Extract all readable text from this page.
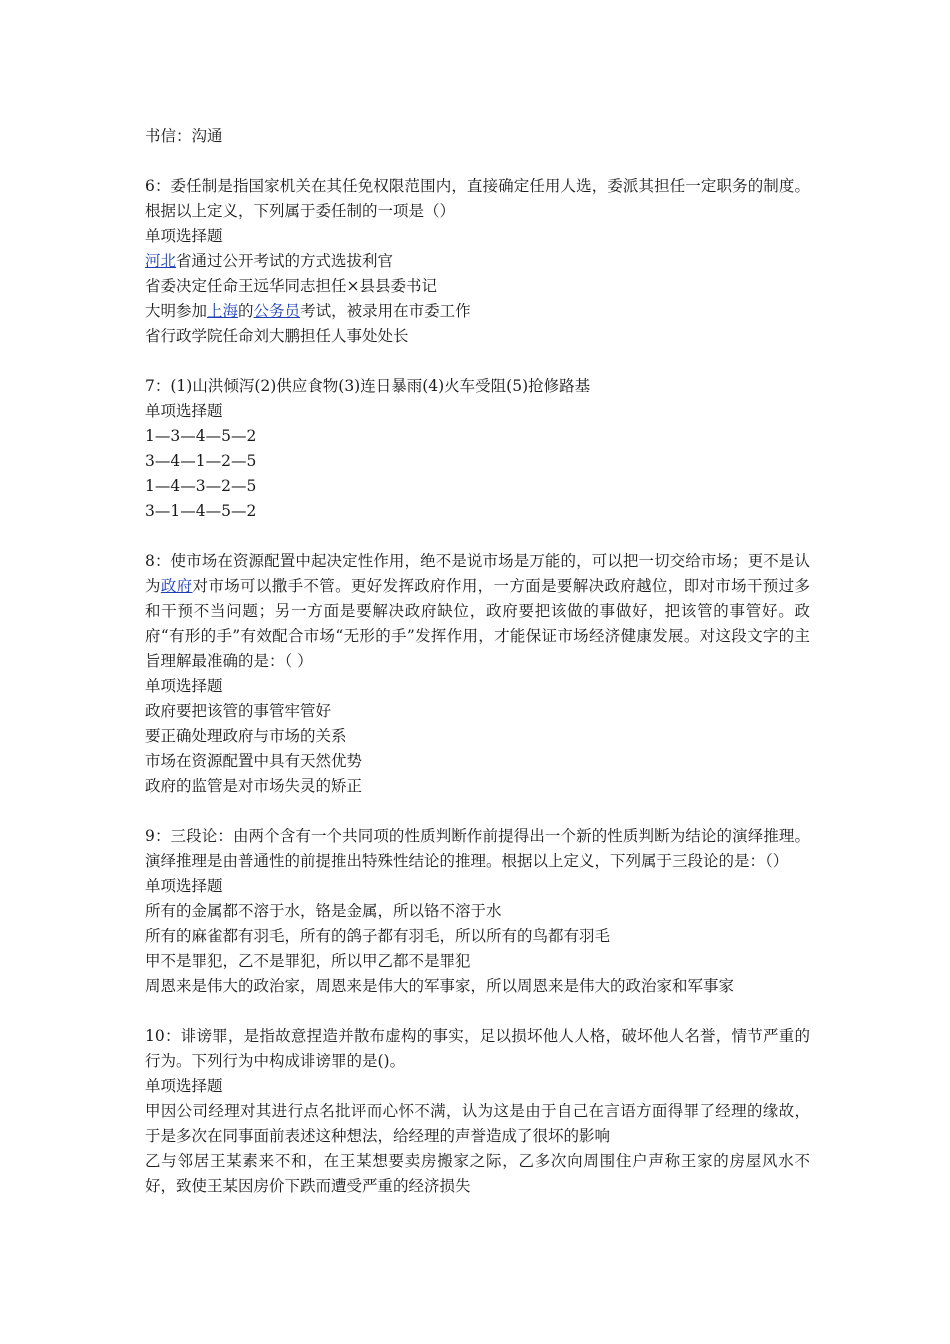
书信：沟通
6：委任制是指国家机关在其任免权限范围内，直接确定任用人选，委派其担任一定职务的制度。根据以上定义，下列属于委任制的一项是（）
单项选择题
河北省通过公开考试的方式选拔利官
省委决定任命王远华同志担任×县县委书记
大明参加上海的公务员考试，被录用在市委工作
省行政学院任命刘大鹏担任人事处处长
7：(1)山洪倾泻(2)供应食物(3)连日暴雨(4)火车受阻(5)抢修路基
单项选择题
1—3—4—5—2
3—4—1—2—5
1—4—3—2—5
3—1—4—5—2
8：使市场在资源配置中起决定性作用，绝不是说市场是万能的，可以把一切交给市场；更不是认为政府对市场可以撒手不管。更好发挥政府作用，一方面是要解决政府越位，即对市场干预过多和干预不当问题；另一方面是要解决政府缺位，政府要把该做的事做好，把该管的事管好。政府“有形的手”有效配合市场“无形的手”发挥作用，才能保证市场经济健康发展。对这段文字的主旨理解最准确的是：（ ）
单项选择题
政府要把该管的事管牢管好
要正确处理政府与市场的关系
市场在资源配置中具有天然优势
政府的监管是对市场失灵的矫正
9：三段论：由两个含有一个共同项的性质判断作前提得出一个新的性质判断为结论的演绎推理。演绎推理是由普通性的前提推出特殊性结论的推理。根据以上定义，下列属于三段论的是：（）
单项选择题
所有的金属都不溶于水，铬是金属，所以铬不溶于水
所有的麻雀都有羽毛，所有的鸽子都有羽毛，所以所有的鸟都有羽毛
甲不是罪犯，乙不是罪犯，所以甲乙都不是罪犯
周恩来是伟大的政治家，周恩来是伟大的军事家，所以周恩来是伟大的政治家和军事家
10：诽谤罪，是指故意捏造并散布虚构的事实，足以损坏他人人格，破坏他人名誉，情节严重的行为。下列行为中构成诽谤罪的是()。
单项选择题
甲因公司经理对其进行点名批评而心怀不满，认为这是由于自己在言语方面得罪了经理的缘故，于是多次在同事面前表述这种想法，给经理的声誉造成了很坏的影响
乙与邻居王某素来不和，在王某想要卖房搬家之际，乙多次向周围住户声称王家的房屋风水不好，致使王某因房价下跌而遭受严重的经济损失
